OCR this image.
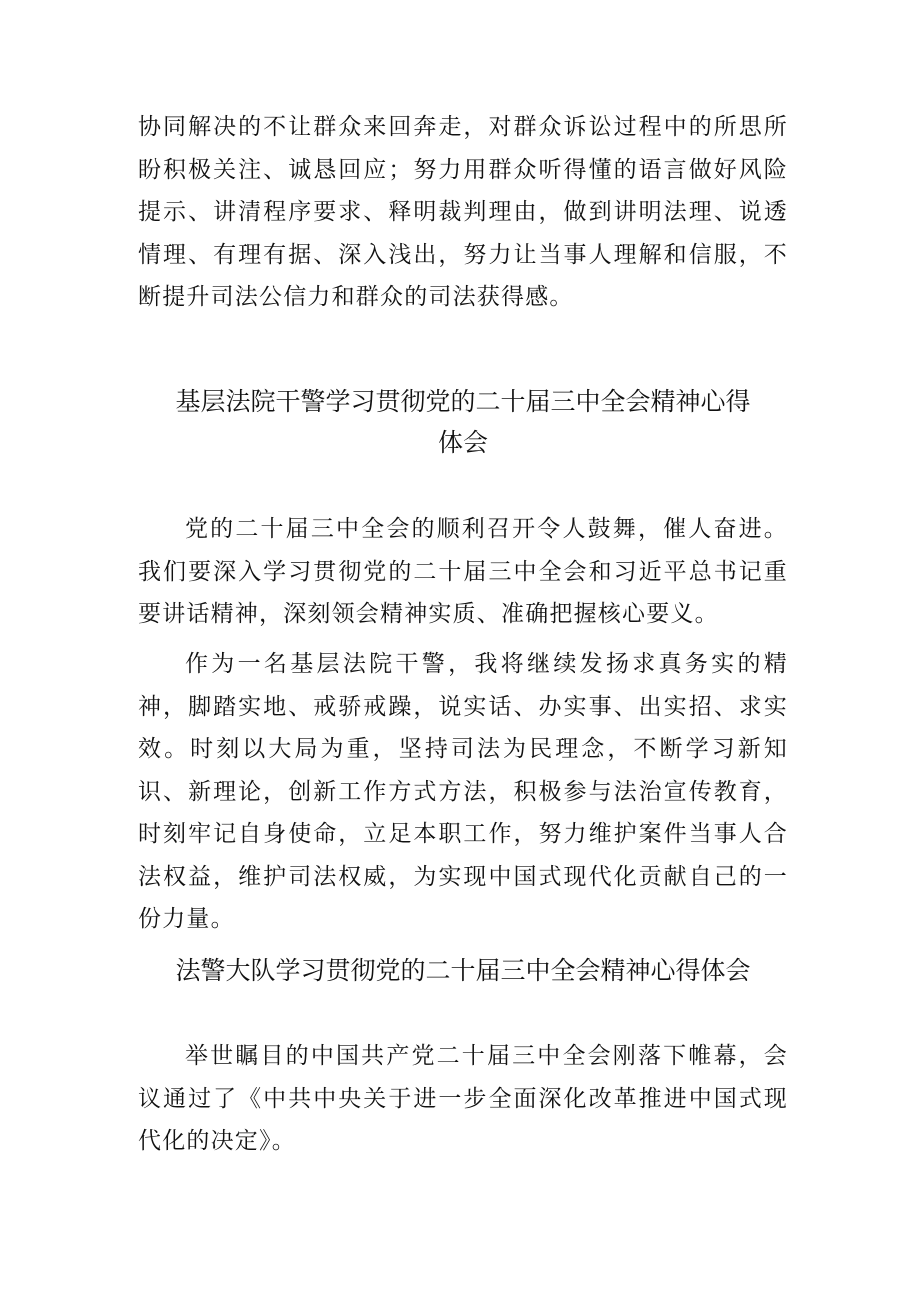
协同解决的不让群众来回奔走，对群众诉讼过程中的所思所盼积极关注、诚恳回应；努力用群众听得懂的语言做好风险提示、讲清程序要求、释明裁判理由，做到讲明法理、说透情理、有理有据、深入浅出，努力让当事人理解和信服，不断提升司法公信力和群众的司法获得感。

基层法院干警学习贯彻党的二十届三中全会精神心得
体会

党的二十届三中全会的顺利召开令人鼓舞，催人奋进。我们要深入学习贯彻党的二十届三中全会和习近平总书记重要讲话精神，深刻领会精神实质、准确把握核心要义。

作为一名基层法院干警，我将继续发扬求真务实的精神，脚踏实地、戒骄戒躁，说实话、办实事、出实招、求实效。时刻以大局为重，坚持司法为民理念，不断学习新知识、新理论，创新工作方式方法，积极参与法治宣传教育，时刻牢记自身使命，立足本职工作，努力维护案件当事人合法权益，维护司法权威，为实现中国式现代化贡献自己的一份力量。

法警大队学习贯彻党的二十届三中全会精神心得体会

举世瞩目的中国共产党二十届三中全会刚落下帷幕，会议通过了《中共中央关于进一步全面深化改革推进中国式现代化的决定》。
